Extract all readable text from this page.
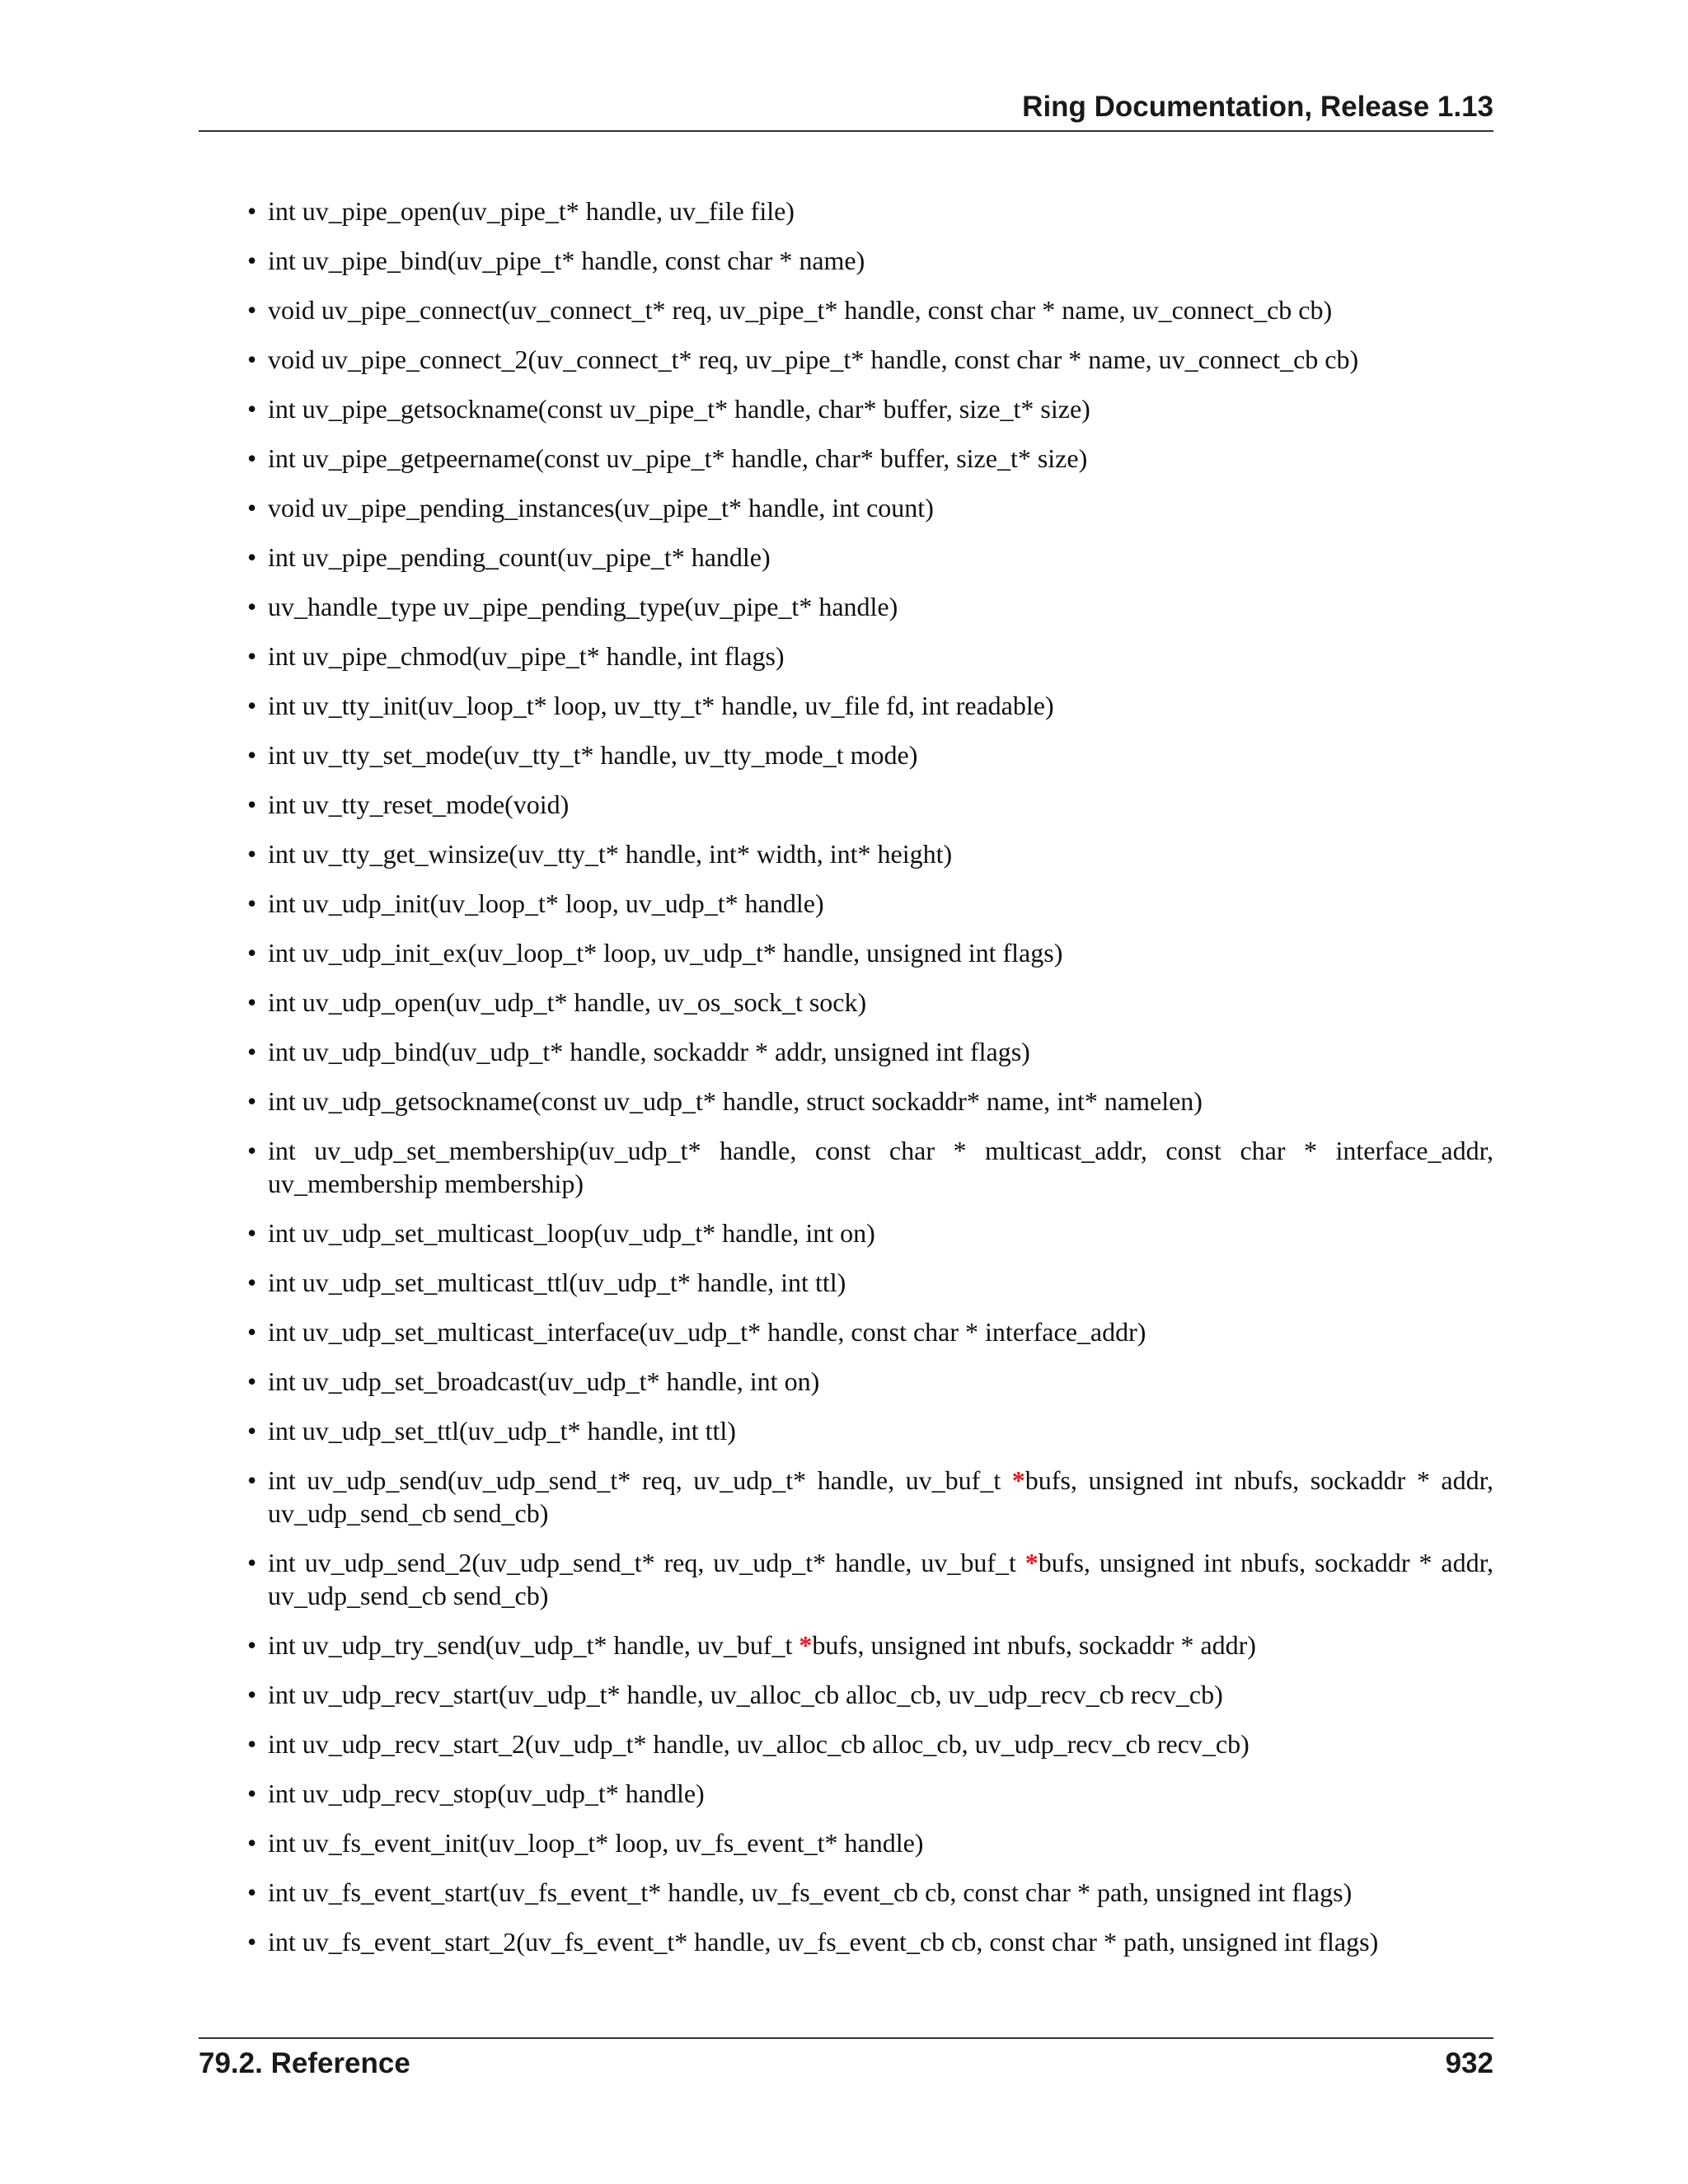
Ring Documentation, Release 1.13
• int uv_pipe_open(uv_pipe_t* handle, uv_file file)
• int uv_pipe_bind(uv_pipe_t* handle, const char * name)
• void uv_pipe_connect(uv_connect_t* req, uv_pipe_t* handle, const char * name, uv_connect_cb cb)
• void uv_pipe_connect_2(uv_connect_t* req, uv_pipe_t* handle, const char * name, uv_connect_cb cb)
• int uv_pipe_getsockname(const uv_pipe_t* handle, char* buffer, size_t* size)
• int uv_pipe_getpeername(const uv_pipe_t* handle, char* buffer, size_t* size)
• void uv_pipe_pending_instances(uv_pipe_t* handle, int count)
• int uv_pipe_pending_count(uv_pipe_t* handle)
• uv_handle_type uv_pipe_pending_type(uv_pipe_t* handle)
• int uv_pipe_chmod(uv_pipe_t* handle, int flags)
• int uv_tty_init(uv_loop_t* loop, uv_tty_t* handle, uv_file fd, int readable)
• int uv_tty_set_mode(uv_tty_t* handle, uv_tty_mode_t mode)
• int uv_tty_reset_mode(void)
• int uv_tty_get_winsize(uv_tty_t* handle, int* width, int* height)
• int uv_udp_init(uv_loop_t* loop, uv_udp_t* handle)
• int uv_udp_init_ex(uv_loop_t* loop, uv_udp_t* handle, unsigned int flags)
• int uv_udp_open(uv_udp_t* handle, uv_os_sock_t sock)
• int uv_udp_bind(uv_udp_t* handle, sockaddr * addr, unsigned int flags)
• int uv_udp_getsockname(const uv_udp_t* handle, struct sockaddr* name, int* namelen)
• int uv_udp_set_membership(uv_udp_t* handle, const char * multicast_addr, const char * interface_addr, uv_membership membership)
• int uv_udp_set_multicast_loop(uv_udp_t* handle, int on)
• int uv_udp_set_multicast_ttl(uv_udp_t* handle, int ttl)
• int uv_udp_set_multicast_interface(uv_udp_t* handle, const char * interface_addr)
• int uv_udp_set_broadcast(uv_udp_t* handle, int on)
• int uv_udp_set_ttl(uv_udp_t* handle, int ttl)
• int uv_udp_send(uv_udp_send_t* req, uv_udp_t* handle, uv_buf_t *bufs, unsigned int nbufs, sockaddr * addr, uv_udp_send_cb send_cb)
• int uv_udp_send_2(uv_udp_send_t* req, uv_udp_t* handle, uv_buf_t *bufs, unsigned int nbufs, sockaddr * addr, uv_udp_send_cb send_cb)
• int uv_udp_try_send(uv_udp_t* handle, uv_buf_t *bufs, unsigned int nbufs, sockaddr * addr)
• int uv_udp_recv_start(uv_udp_t* handle, uv_alloc_cb alloc_cb, uv_udp_recv_cb recv_cb)
• int uv_udp_recv_start_2(uv_udp_t* handle, uv_alloc_cb alloc_cb, uv_udp_recv_cb recv_cb)
• int uv_udp_recv_stop(uv_udp_t* handle)
• int uv_fs_event_init(uv_loop_t* loop, uv_fs_event_t* handle)
• int uv_fs_event_start(uv_fs_event_t* handle, uv_fs_event_cb cb, const char * path, unsigned int flags)
• int uv_fs_event_start_2(uv_fs_event_t* handle, uv_fs_event_cb cb, const char * path, unsigned int flags)
79.2. Reference	932
